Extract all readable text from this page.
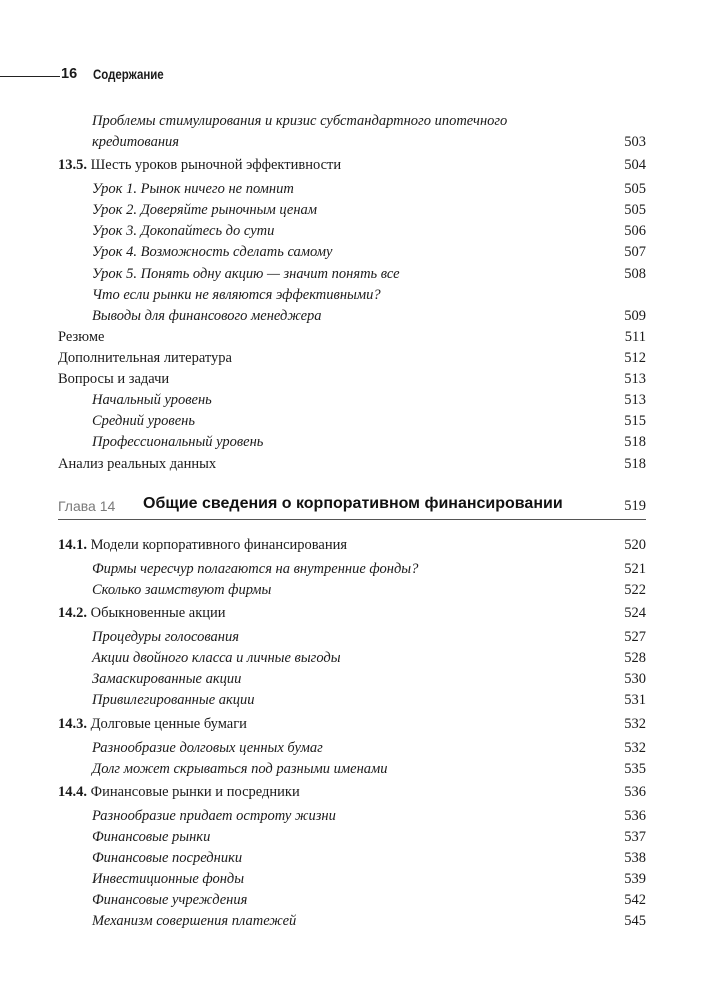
16 Содержание
Проблемы стимулирования и кризис субстандартного ипотечного
кредитования	503
13.5. Шесть уроков рыночной эффективности	504
Урок 1. Рынок ничего не помнит	505
Урок 2. Доверяйте рыночным ценам	505
Урок 3. Докопайтесь до сути	506
Урок 4. Возможность сделать самому	507
Урок 5. Понять одну акцию — значит понять все	508
Что если рынки не являются эффективными?
Выводы для финансового менеджера	509
Резюме	511
Дополнительная литература	512
Вопросы и задачи	513
Начальный уровень	513
Средний уровень	515
Профессиональный уровень	518
Анализ реальных данных	518
Глава 14 Общие сведения о корпоративном финансировании	519
14.1. Модели корпоративного финансирования	520
Фирмы чересчур полагаются на внутренние фонды?	521
Сколько заимствуют фирмы	522
14.2. Обыкновенные акции	524
Процедуры голосования	527
Акции двойного класса и личные выгоды	528
Замаскированные акции	530
Привилегированные акции	531
14.3. Долговые ценные бумаги	532
Разнообразие долговых ценных бумаг	532
Долг может скрываться под разными именами	535
14.4. Финансовые рынки и посредники	536
Разнообразие придает остроту жизни	536
Финансовые рынки	537
Финансовые посредники	538
Инвестиционные фонды	539
Финансовые учреждения	542
Механизм совершения платежей	545
